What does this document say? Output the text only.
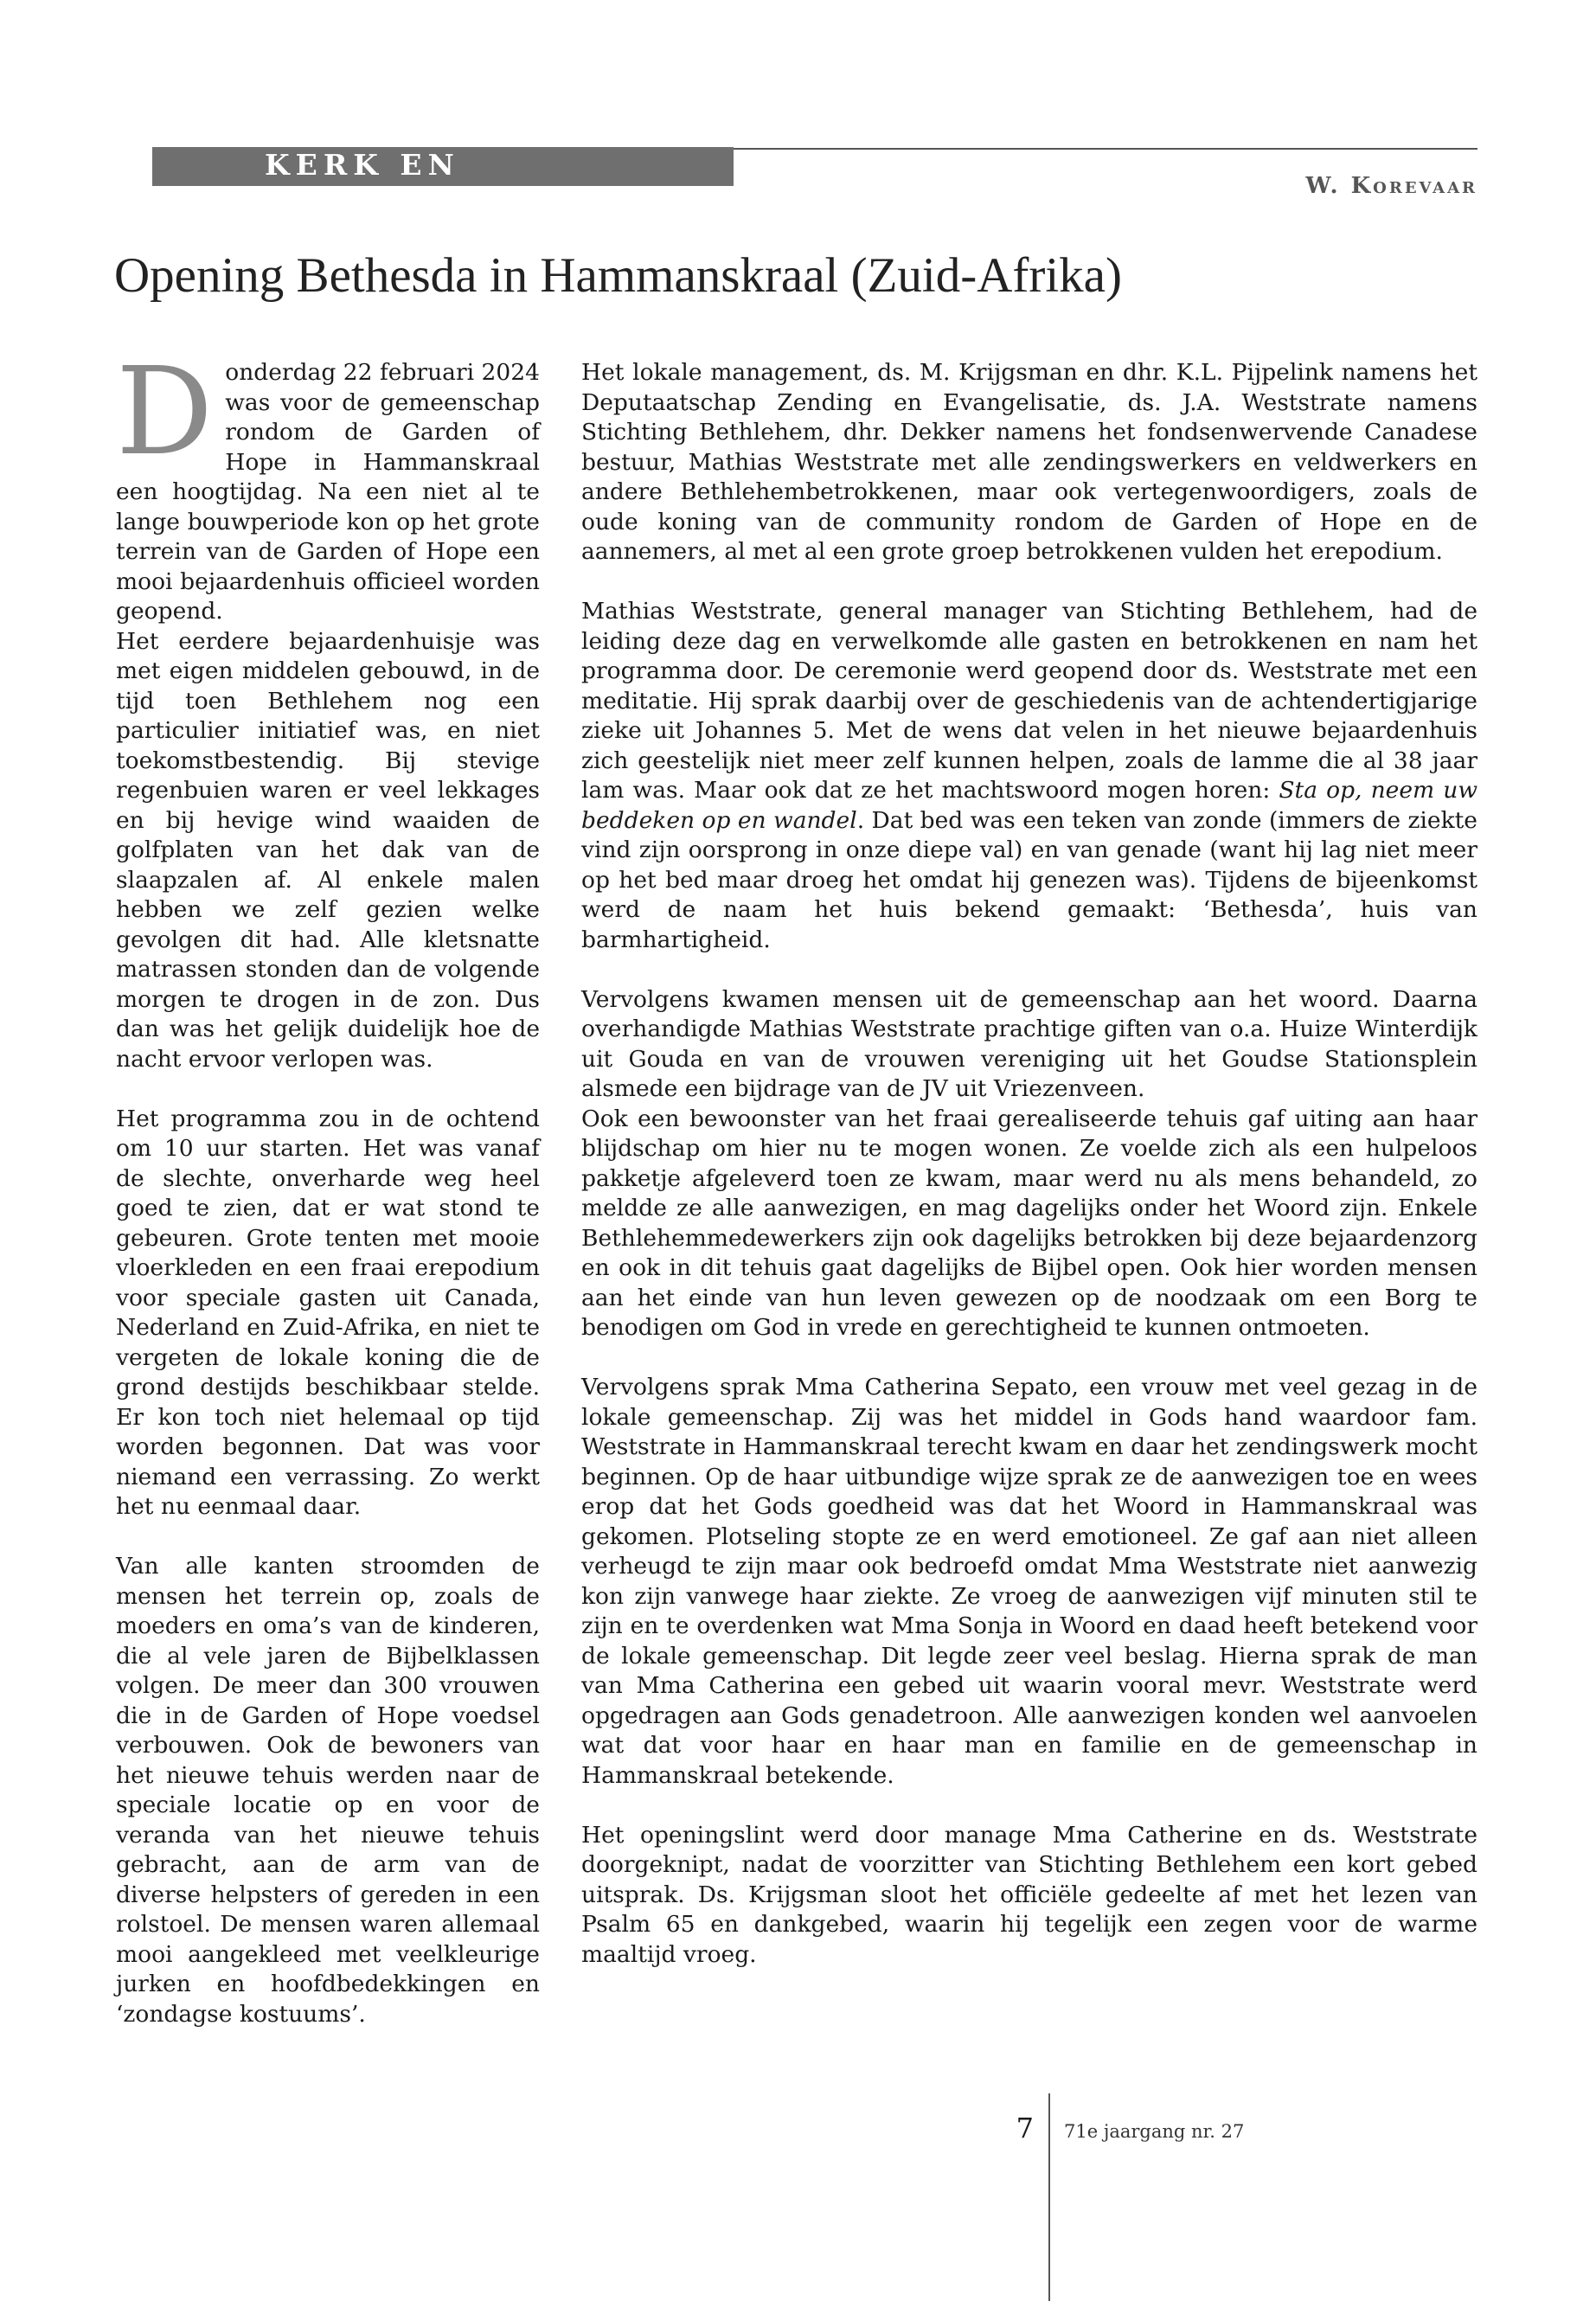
KERK EN ZENDING
W. Korevaar
Opening Bethesda in Hammanskraal (Zuid-Afrika)

Donderdag 22 februari 2024 was voor de gemeenschap rondom de Garden of Hope in Hammanskraal een hoogtijdag. Na een niet al te lange bouwperiode kon op het grote terrein van de Garden of Hope een mooi bejaardenhuis officieel worden geopend.

Het eerdere bejaardenhuisje was met eigen middelen gebouwd, in de tijd toen Bethlehem nog een particulier initiatief was, en niet toekomstbestendig. Bij stevige regenbuien waren er veel lekkages en bij hevige wind waaiden de golfplaten van het dak van de slaapzalen af. Al enkele malen hebben we zelf gezien welke gevolgen dit had. Alle kletsnatte matrassen stonden dan de volgende morgen te drogen in de zon. Dus dan was het gelijk duidelijk hoe de nacht ervoor verlopen was.

Het programma zou in de ochtend om 10 uur starten. Het was vanaf de slechte, onverharde weg heel goed te zien, dat er wat stond te gebeuren. Grote tenten met mooie vloerkleden en een fraai erepodium voor speciale gasten uit Canada, Nederland en Zuid-Afrika, en niet te vergeten de lokale koning die de grond destijds beschikbaar stelde. Er kon toch niet helemaal op tijd worden begonnen. Dat was voor niemand een verrassing. Zo werkt het nu eenmaal daar.

Van alle kanten stroomden de mensen het terrein op, zoals de moeders en oma’s van de kinderen, die al vele jaren de Bijbelklassen volgen. De meer dan 300 vrouwen die in de Garden of Hope voedsel verbouwen. Ook de bewoners van het nieuwe tehuis werden naar de speciale locatie op en voor de veranda van het nieuwe tehuis gebracht, aan de arm van de diverse helpsters of gereden in een rolstoel. De mensen waren allemaal mooi aangekleed met veelkleurige jurken en hoofdbedekkingen en ‘zondagse kostuums’.

Het lokale management, ds. M. Krijgsman en dhr. K.L. Pijpelink namens het Deputaatschap Zending en Evangelisatie, ds. J.A. Weststrate namens Stichting Bethlehem, dhr. Dekker namens het fondsenwervende Canadese bestuur, Mathias Weststrate met alle zendingswerkers en veldwerkers en andere Bethlehembetrokkenen, maar ook vertegenwoordigers, zoals de oude koning van de community rondom de Garden of Hope en de aannemers, al met al een grote groep betrokkenen vulden het erepodium.

Mathias Weststrate, general manager van Stichting Bethlehem, had de leiding deze dag en verwelkomde alle gasten en betrokkenen en nam het programma door. De ceremonie werd geopend door ds. Weststrate met een meditatie. Hij sprak daarbij over de geschiedenis van de achtendertigjarige zieke uit Johannes 5. Met de wens dat velen in het nieuwe bejaardenhuis zich geestelijk niet meer zelf kunnen helpen, zoals de lamme die al 38 jaar lam was. Maar ook dat ze het machtswoord mogen horen: Sta op, neem uw beddeken op en wandel. Dat bed was een teken van zonde (immers de ziekte vind zijn oorsprong in onze diepe val) en van genade (want hij lag niet meer op het bed maar droeg het omdat hij genezen was). Tijdens de bijeenkomst werd de naam het huis bekend gemaakt: ‘Bethesda’, huis van barmhartigheid.

Vervolgens kwamen mensen uit de gemeenschap aan het woord. Daarna overhandigde Mathias Weststrate prachtige giften van o.a. Huize Winterdijk uit Gouda en van de vrouwen vereniging uit het Goudse Stationsplein alsmede een bijdrage van de JV uit Vriezenveen.

Ook een bewoonster van het fraai gerealiseerde tehuis gaf uiting aan haar blijdschap om hier nu te mogen wonen. Ze voelde zich als een hulpeloos pakketje afgeleverd toen ze kwam, maar werd nu als mens behandeld, zo meldde ze alle aanwezigen, en mag dagelijks onder het Woord zijn. Enkele Bethlehemmedewerkers zijn ook dagelijks betrokken bij deze bejaardenzorg en ook in dit tehuis gaat dagelijks de Bijbel open. Ook hier worden mensen aan het einde van hun leven gewezen op de noodzaak om een Borg te benodigen om God in vrede en gerechtigheid te kunnen ontmoeten.

Vervolgens sprak Mma Catherina Sepato, een vrouw met veel gezag in de lokale gemeenschap. Zij was het middel in Gods hand waardoor fam. Weststrate in Hammanskraal terecht kwam en daar het zendingswerk mocht beginnen. Op de haar uitbundige wijze sprak ze de aanwezigen toe en wees erop dat het Gods goedheid was dat het Woord in Hammanskraal was gekomen. Plotseling stopte ze en werd emotioneel. Ze gaf aan niet alleen verheugd te zijn maar ook bedroefd omdat Mma Weststrate niet aanwezig kon zijn vanwege haar ziekte. Ze vroeg de aanwezigen vijf minuten stil te zijn en te overdenken wat Mma Sonja in Woord en daad heeft betekend voor de lokale gemeenschap. Dit legde zeer veel beslag. Hierna sprak de man van Mma Catherina een gebed uit waarin vooral mevr. Weststrate werd opgedragen aan Gods genadetroon. Alle aanwezigen konden wel aanvoelen wat dat voor haar en haar man en familie en de gemeenschap in Hammanskraal betekende.

Het openingslint werd door manage Mma Catherine en ds. Weststrate doorgeknipt, nadat de voorzitter van Stichting Bethlehem een kort gebed uitsprak. Ds. Krijgsman sloot het officiële gedeelte af met het lezen van Psalm 65 en dankgebed, waarin hij tegelijk een zegen voor de warme maaltijd vroeg.

7 71e jaargang nr. 27
